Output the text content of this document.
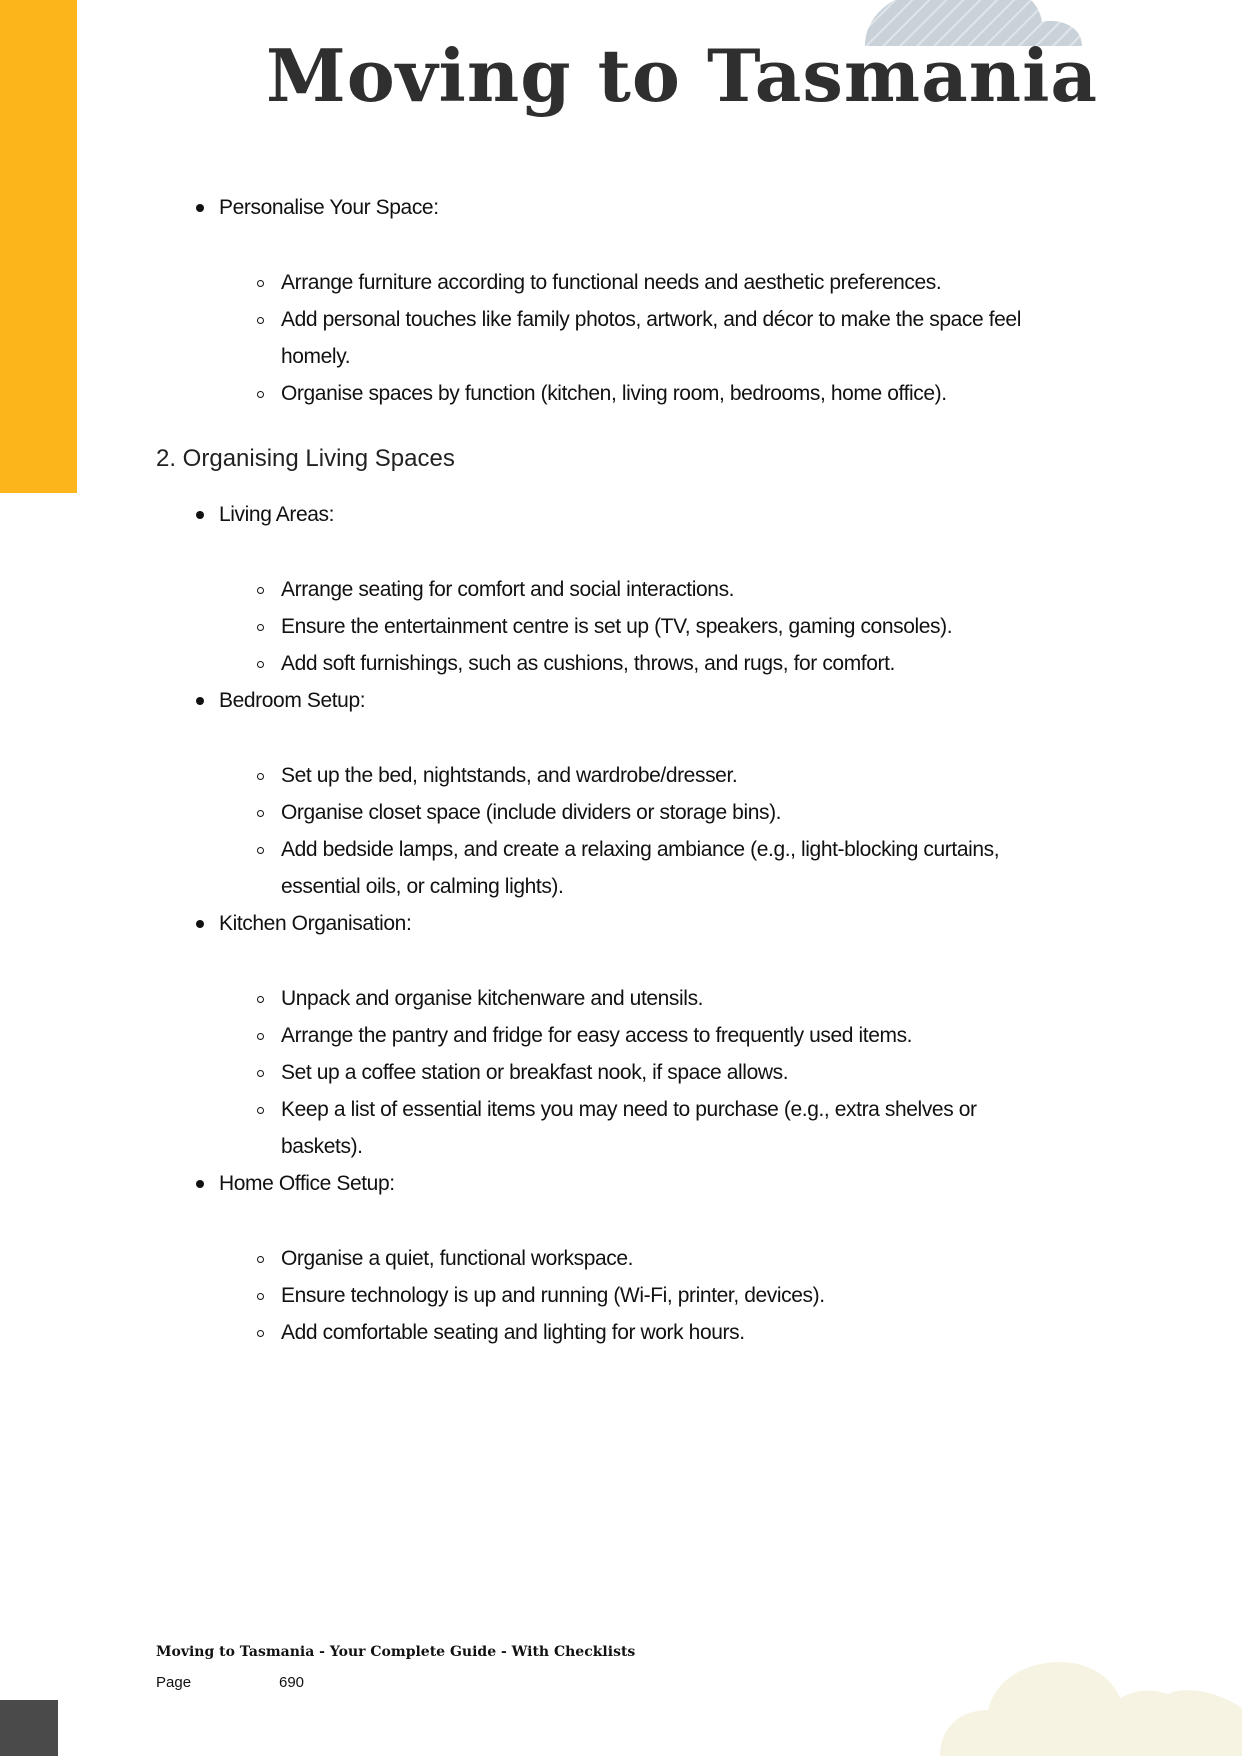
Moving to Tasmania
Personalise Your Space:
Arrange furniture according to functional needs and aesthetic preferences.
Add personal touches like family photos, artwork, and décor to make the space feel
homely.
Organise spaces by function (kitchen, living room, bedrooms, home office).
2. Organising Living Spaces
Living Areas:
Arrange seating for comfort and social interactions.
Ensure the entertainment centre is set up (TV, speakers, gaming consoles).
Add soft furnishings, such as cushions, throws, and rugs, for comfort.
Bedroom Setup:
Set up the bed, nightstands, and wardrobe/dresser.
Organise closet space (include dividers or storage bins).
Add bedside lamps, and create a relaxing ambiance (e.g., light-blocking curtains,
essential oils, or calming lights).
Kitchen Organisation:
Unpack and organise kitchenware and utensils.
Arrange the pantry and fridge for easy access to frequently used items.
Set up a coffee station or breakfast nook, if space allows.
Keep a list of essential items you may need to purchase (e.g., extra shelves or
baskets).
Home Office Setup:
Organise a quiet, functional workspace.
Ensure technology is up and running (Wi-Fi, printer, devices).
Add comfortable seating and lighting for work hours.
Moving to Tasmania - Your Complete Guide - With Checklists
Page	690
